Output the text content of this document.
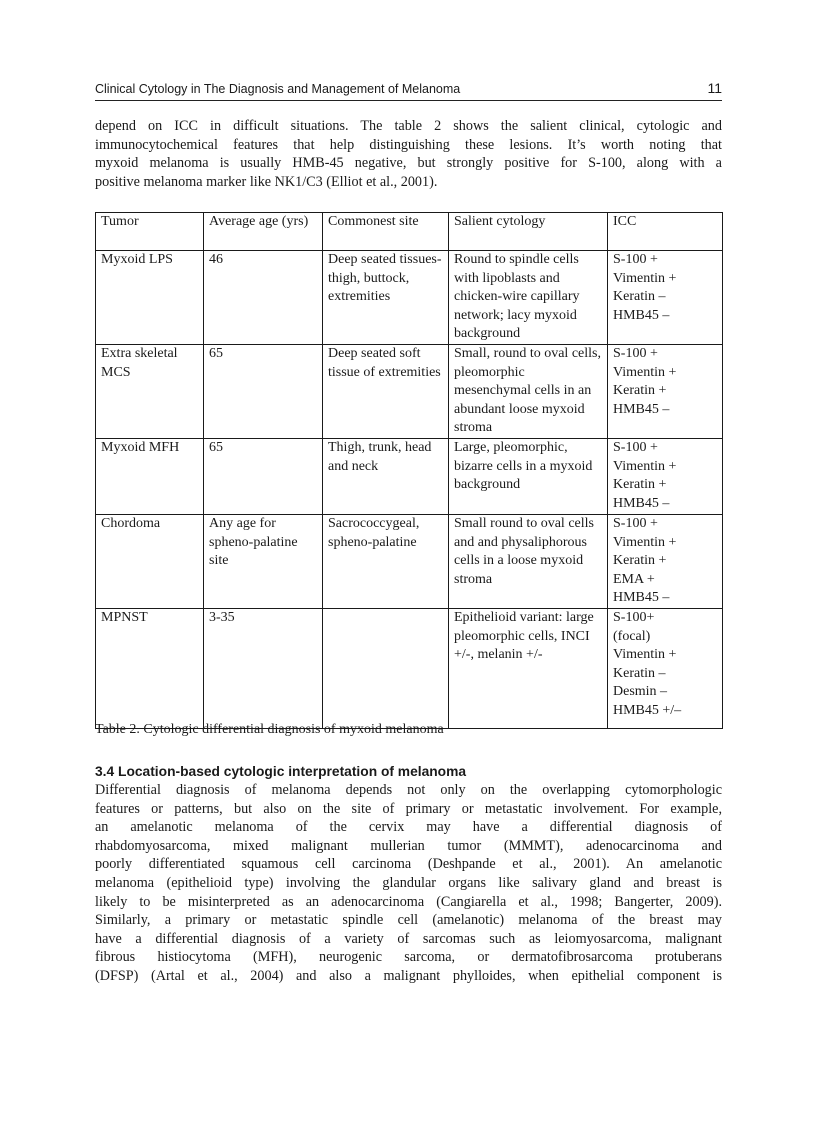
Clinical Cytology in The Diagnosis and Management of Melanoma	11
depend on ICC in difficult situations. The table 2 shows the salient clinical, cytologic and
immunocytochemical features that help distinguishing these lesions. It’s worth noting that
myxoid melanoma is usually HMB-45 negative, but strongly positive for S-100, along with a
positive melanoma marker like NK1/C3 (Elliot et al., 2001).
Tumor	Average age (yrs)	Commonest site	Salient cytology	ICC
Myxoid LPS	46	Deep seated tissues- thigh, buttock, extremities	Round to spindle cells with lipoblasts and chicken-wire capillary network; lacy myxoid background	S-100 +
Vimentin +
Keratin –
HMB45 –

Extra skeletal MCS	65	Deep seated soft tissue of extremities	Small, round to oval cells, pleomorphic mesenchymal cells in an abundant loose myxoid stroma	S-100 +
Vimentin +
Keratin +
HMB45 –

Myxoid MFH	65	Thigh, trunk, head and neck	Large, pleomorphic, bizarre cells in a myxoid background	S-100 +
Vimentin +
Keratin +
HMB45 –

Chordoma	Any age for spheno-palatine site	Sacrococcygeal, spheno-palatine	Small round to oval cells and and physaliphorous cells in a loose myxoid stroma	S-100 +
Vimentin +
Keratin +
EMA +
HMB45 –

MPNST	3-35		Epithelioid variant: large pleomorphic cells, INCI +/-, melanin +/-	
S-100+
(focal)
Vimentin +
Keratin –
Desmin –
HMB45 +/–
Table 2. Cytologic differential diagnosis of myxoid melanoma
3.4 Location-based cytologic interpretation of melanoma
Differential diagnosis of melanoma depends not only on the overlapping cytomorphologic
features or patterns, but also on the site of primary or metastatic involvement. For example,
an amelanotic melanoma of the cervix may have a differential diagnosis of
rhabdomyosarcoma, mixed malignant mullerian tumor (MMMT), adenocarcinoma and
poorly differentiated squamous cell carcinoma (Deshpande et al., 2001). An amelanotic
melanoma (epithelioid type) involving the glandular organs like salivary gland and breast is
likely to be misinterpreted as an adenocarcinoma (Cangiarella et al., 1998; Bangerter, 2009).
Similarly, a primary or metastatic spindle cell (amelanotic) melanoma of the breast may
have a differential diagnosis of a variety of sarcomas such as leiomyosarcoma, malignant
fibrous histiocytoma (MFH), neurogenic sarcoma, or dermatofibrosarcoma protuberans
(DFSP) (Artal et al., 2004) and also a malignant phylloides, when epithelial component is
